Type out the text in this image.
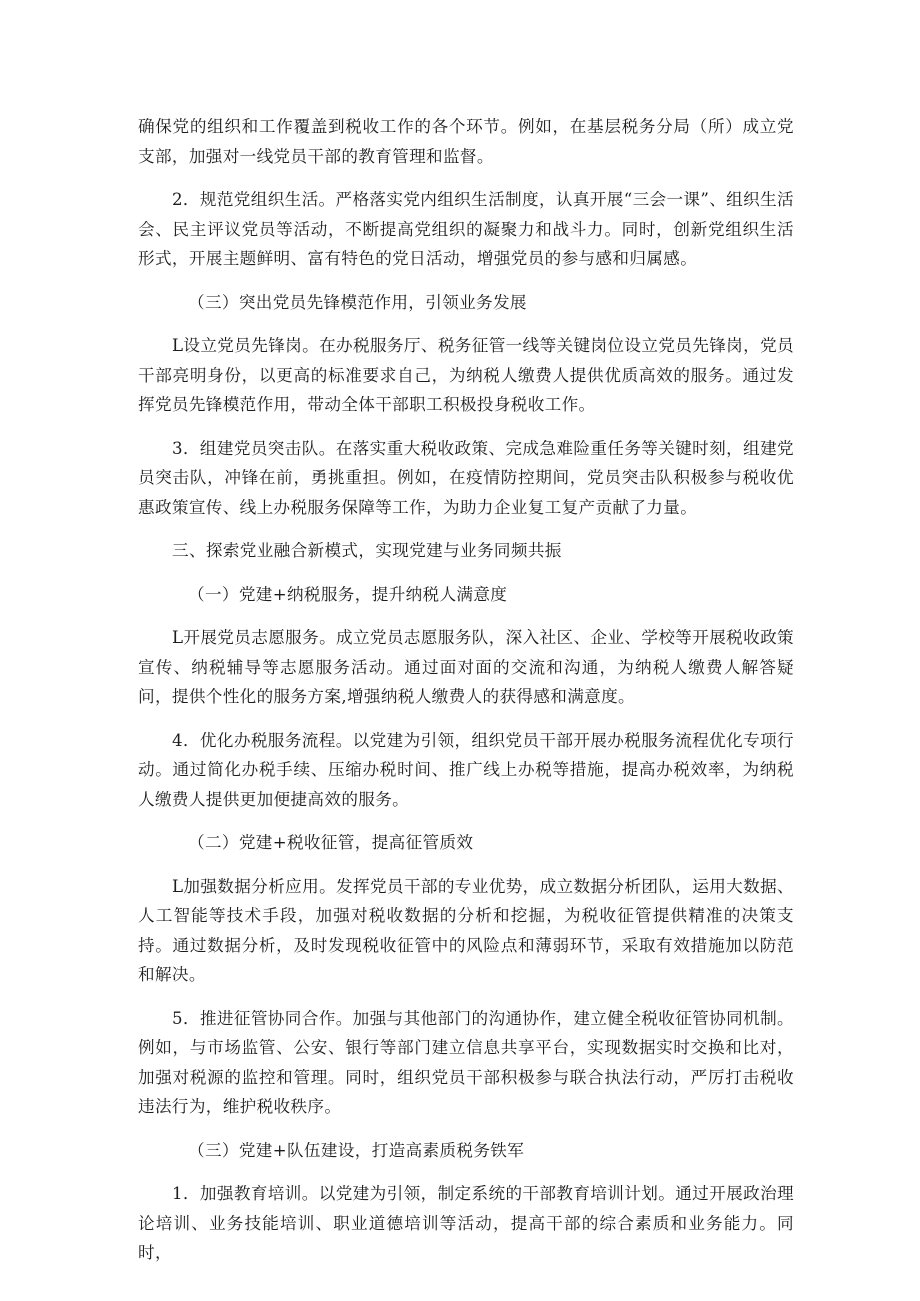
确保党的组织和工作覆盖到税收工作的各个环节。例如，在基层税务分局（所）成立党支部，加强对一线党员干部的教育管理和监督。

2．规范党组织生活。严格落实党内组织生活制度，认真开展“三会一课”、组织生活会、民主评议党员等活动，不断提高党组织的凝聚力和战斗力。同时，创新党组织生活形式，开展主题鲜明、富有特色的党日活动，增强党员的参与感和归属感。

（三）突出党员先锋模范作用，引领业务发展

L设立党员先锋岗。在办税服务厅、税务征管一线等关键岗位设立党员先锋岗，党员干部亮明身份，以更高的标准要求自己，为纳税人缴费人提供优质高效的服务。通过发挥党员先锋模范作用，带动全体干部职工积极投身税收工作。

3．组建党员突击队。在落实重大税收政策、完成急难险重任务等关键时刻，组建党员突击队，冲锋在前，勇挑重担。例如，在疫情防控期间，党员突击队积极参与税收优惠政策宣传、线上办税服务保障等工作，为助力企业复工复产贡献了力量。

三、探索党业融合新模式，实现党建与业务同频共振

（一）党建+纳税服务，提升纳税人满意度

L开展党员志愿服务。成立党员志愿服务队，深入社区、企业、学校等开展税收政策宣传、纳税辅导等志愿服务活动。通过面对面的交流和沟通，为纳税人缴费人解答疑问，提供个性化的服务方案,增强纳税人缴费人的获得感和满意度。

4．优化办税服务流程。以党建为引领，组织党员干部开展办税服务流程优化专项行动。通过简化办税手续、压缩办税时间、推广线上办税等措施，提高办税效率，为纳税人缴费人提供更加便捷高效的服务。

（二）党建+税收征管，提高征管质效

L加强数据分析应用。发挥党员干部的专业优势，成立数据分析团队，运用大数据、人工智能等技术手段，加强对税收数据的分析和挖掘，为税收征管提供精准的决策支持。通过数据分析，及时发现税收征管中的风险点和薄弱环节，采取有效措施加以防范和解决。

5．推进征管协同合作。加强与其他部门的沟通协作，建立健全税收征管协同机制。例如，与市场监管、公安、银行等部门建立信息共享平台，实现数据实时交换和比对，加强对税源的监控和管理。同时，组织党员干部积极参与联合执法行动，严厉打击税收违法行为，维护税收秩序。

（三）党建+队伍建设，打造高素质税务铁军

1．加强教育培训。以党建为引领，制定系统的干部教育培训计划。通过开展政治理论培训、业务技能培训、职业道德培训等活动，提高干部的综合素质和业务能力。同时，
